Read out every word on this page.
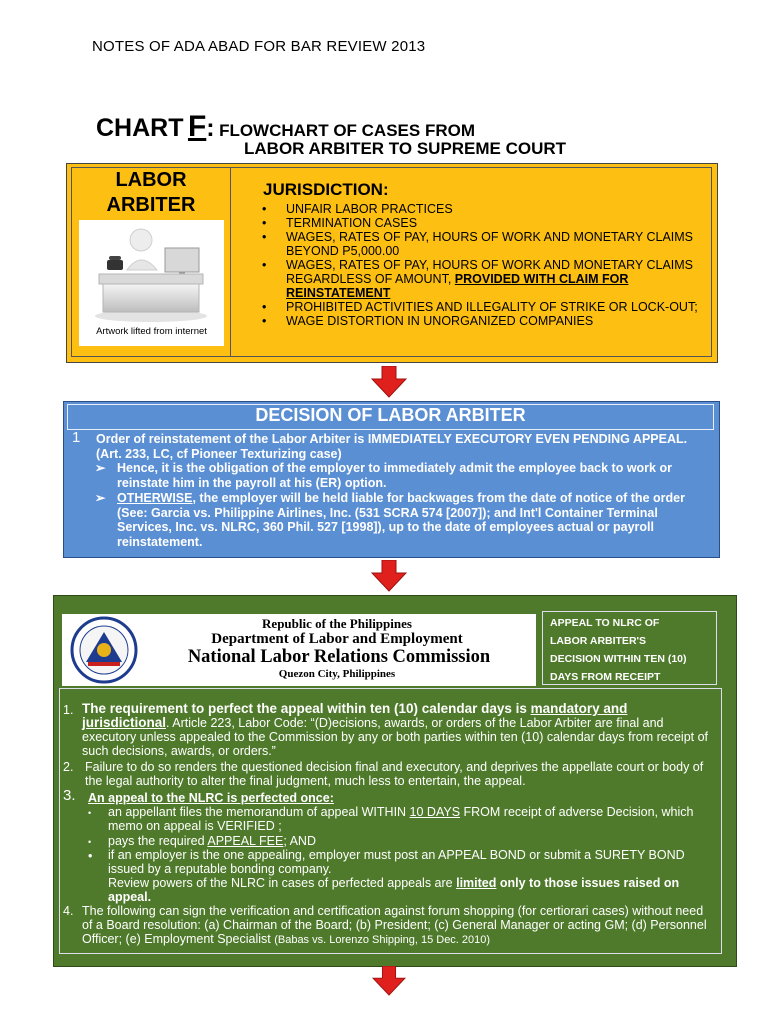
NOTES OF ADA ABAD FOR BAR REVIEW 2013
CHART F: FLOWCHART OF CASES FROM
LABOR ARBITER TO SUPREME COURT
LABOR
ARBITER
Artwork lifted from internet
JURISDICTION:
• UNFAIR LABOR PRACTICES
• TERMINATION CASES
• WAGES, RATES OF PAY, HOURS OF WORK AND MONETARY CLAIMS BEYOND P5,000.00
• WAGES, RATES OF PAY, HOURS OF WORK AND MONETARY CLAIMS REGARDLESS OF AMOUNT, PROVIDED WITH CLAIM FOR REINSTATEMENT
• PROHIBITED ACTIVITIES AND ILLEGALITY OF STRIKE OR LOCK-OUT;
• WAGE DISTORTION IN UNORGANIZED COMPANIES
DECISION OF LABOR ARBITER
1 Order of reinstatement of the Labor Arbiter is IMMEDIATELY EXECUTORY EVEN PENDING APPEAL. (Art. 233, LC, cf Pioneer Texturizing case)
➢ Hence, it is the obligation of the employer to immediately admit the employee back to work or reinstate him in the payroll at his (ER) option.
➢ OTHERWISE, the employer will be held liable for backwages from the date of notice of the order (See: Garcia vs. Philippine Airlines, Inc. (531 SCRA 574 [2007]); and Int'l Container Terminal Services, Inc. vs. NLRC, 360 Phil. 527 [1998]), up to the date of employees actual or payroll reinstatement.
Republic of the Philippines
Department of Labor and Employment
National Labor Relations Commission
Quezon City, Philippines
APPEAL TO NLRC OF
LABOR ARBITER'S
DECISION WITHIN TEN (10)
DAYS FROM RECEIPT
1. The requirement to perfect the appeal within ten (10) calendar days is mandatory and jurisdictional. Article 223, Labor Code: “(D)ecisions, awards, or orders of the Labor Arbiter are final and executory unless appealed to the Commission by any or both parties within ten (10) calendar days from receipt of such decisions, awards, or orders.”
2. Failure to do so renders the questioned decision final and executory, and deprives the appellate court or body of the legal authority to alter the final judgment, much less to entertain, the appeal.
3. An appeal to the NLRC is perfected once:
• an appellant files the memorandum of appeal WITHIN 10 DAYS FROM receipt of adverse Decision, which memo on appeal is VERIFIED ;
• pays the required APPEAL FEE; AND
• if an employer is the one appealing, employer must post an APPEAL BOND or submit a SURETY BOND issued by a reputable bonding company.
Review powers of the NLRC in cases of perfected appeals are limited only to those issues raised on appeal.
4. The following can sign the verification and certification against forum shopping (for certiorari cases) without need of a Board resolution: (a) Chairman of the Board; (b) President; (c) General Manager or acting GM; (d) Personnel Officer; (e) Employment Specialist (Babas vs. Lorenzo Shipping, 15 Dec. 2010)
